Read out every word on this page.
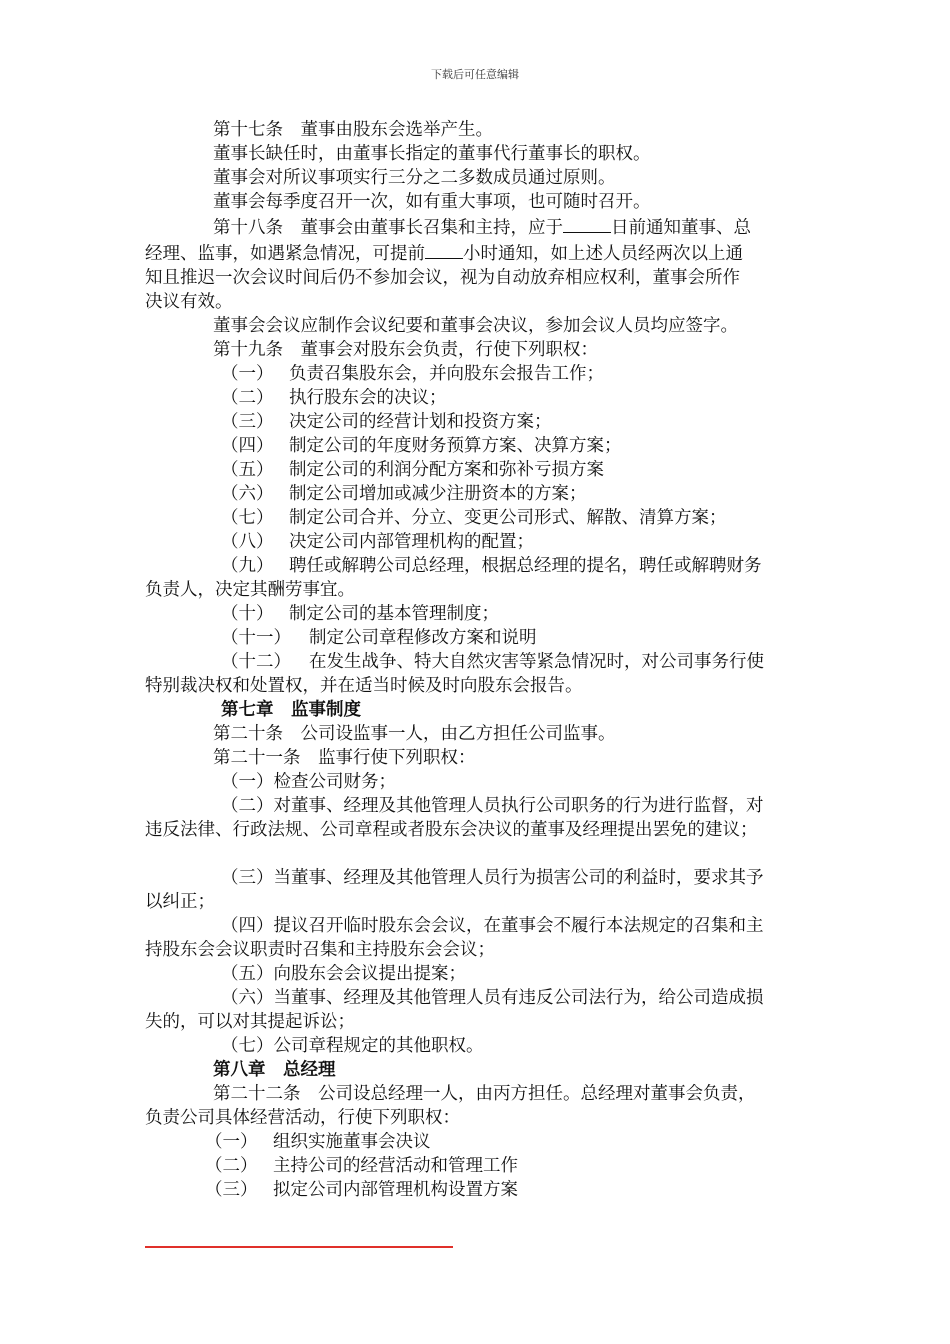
下载后可任意编辑

第十七条　董事由股东会选举产生。

董事长缺任时，由董事长指定的董事代行董事长的职权。

董事会对所议事项实行三分之二多数成员通过原则。

董事会每季度召开一次，如有重大事项，也可随时召开。

第十八条　董事会由董事长召集和主持，应于	日前通知董事、总

经理、监事，如遇紧急情况，可提前 小时通知，如上述人员经两次以上通

知且推迟一次会议时间后仍不参加会议，视为自动放弃相应权利，董事会所作

决议有效。

董事会会议应制作会议纪要和董事会决议，参加会议人员均应签字。

第十九条　董事会对股东会负责，行使下列职权：

（一） 负责召集股东会，并向股东会报告工作；

（二） 执行股东会的决议；

（三） 决定公司的经营计划和投资方案；

（四） 制定公司的年度财务预算方案、决算方案；

（五） 制定公司的利润分配方案和弥补亏损方案

（六） 制定公司增加或减少注册资本的方案；

（七） 制定公司合并、分立、变更公司形式、解散、清算方案；

（八） 决定公司内部管理机构的配置；

（九） 聘任或解聘公司总经理，根据总经理的提名，聘任或解聘财务

负责人，决定其酬劳事宜。

（十） 制定公司的基本管理制度；

（十一） 制定公司章程修改方案和说明

（十二） 在发生战争、特大自然灾害等紧急情况时，对公司事务行使

特别裁决权和处置权，并在适当时候及时向股东会报告。

第七章　监事制度

第二十条　公司设监事一人，由乙方担任公司监事。

第二十一条　监事行使下列职权：

（一）检查公司财务；

（二）对董事、经理及其他管理人员执行公司职务的行为进行监督，对

违反法律、行政法规、公司章程或者股东会决议的董事及经理提出罢免的建议；

（三）当董事、经理及其他管理人员行为损害公司的利益时，要求其予

以纠正；

（四）提议召开临时股东会会议，在董事会不履行本法规定的召集和主

持股东会会议职责时召集和主持股东会会议；

（五）向股东会会议提出提案；

（六）当董事、经理及其他管理人员有违反公司法行为，给公司造成损

失的，可以对其提起诉讼；

（七）公司章程规定的其他职权。

第八章　总经理

第二十二条　公司设总经理一人，由丙方担任。总经理对董事会负责，

负责公司具体经营活动，行使下列职权：

（一） 组织实施董事会决议

（二） 主持公司的经营活动和管理工作

（三） 拟定公司内部管理机构设置方案
